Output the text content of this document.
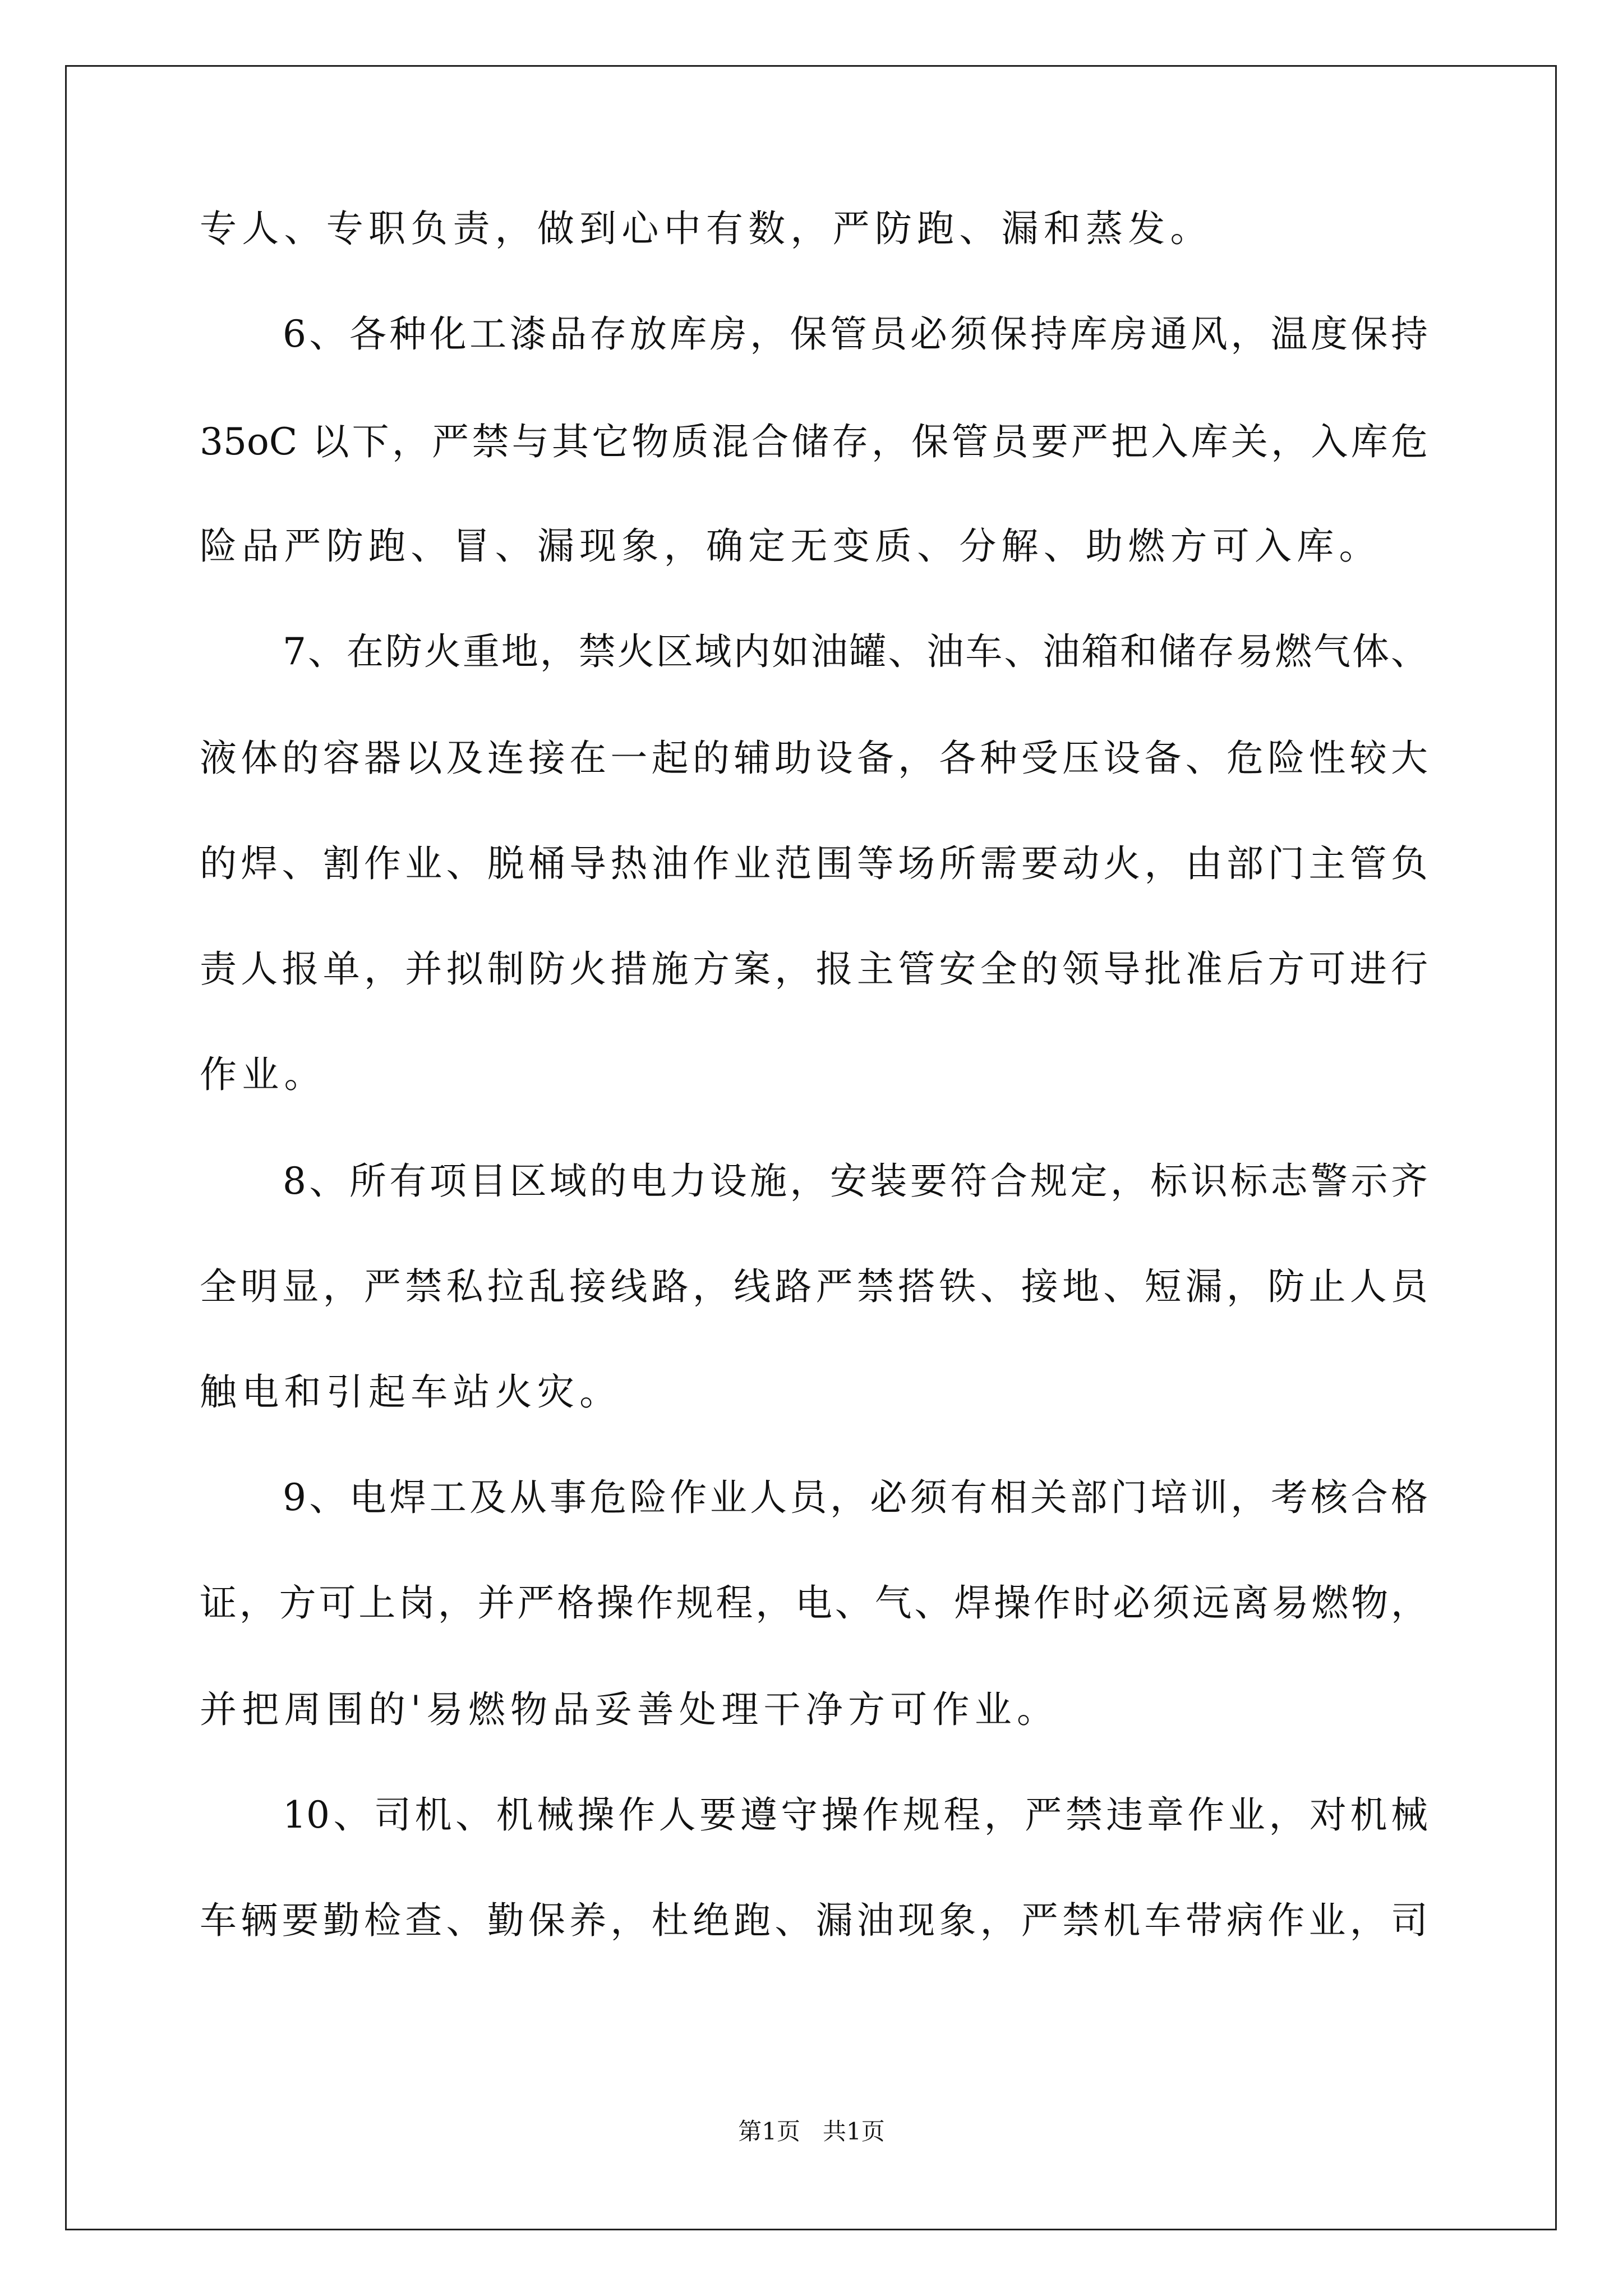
专人、专职负责，做到心中有数，严防跑、漏和蒸发。
6、各种化工漆品存放库房，保管员必须保持库房通风，温度保持
35oC 以下，严禁与其它物质混合储存，保管员要严把入库关，入库危
险品严防跑、冒、漏现象，确定无变质、分解、助燃方可入库。
7、在防火重地，禁火区域内如油罐、油车、油箱和储存易燃气体、
液体的容器以及连接在一起的辅助设备，各种受压设备、危险性较大
的焊、割作业、脱桶导热油作业范围等场所需要动火，由部门主管负
责人报单，并拟制防火措施方案，报主管安全的领导批准后方可进行
作业。
8、所有项目区域的电力设施，安装要符合规定，标识标志警示齐
全明显，严禁私拉乱接线路，线路严禁搭铁、接地、短漏，防止人员
触电和引起车站火灾。
9、电焊工及从事危险作业人员，必须有相关部门培训，考核合格
证，方可上岗，并严格操作规程，电、气、焊操作时必须远离易燃物，
并把周围的'易燃物品妥善处理干净方可作业。
10、司机、机械操作人要遵守操作规程，严禁违章作业，对机械
车辆要勤检查、勤保养，杜绝跑、漏油现象，严禁机车带病作业，司
第1页   共1页
